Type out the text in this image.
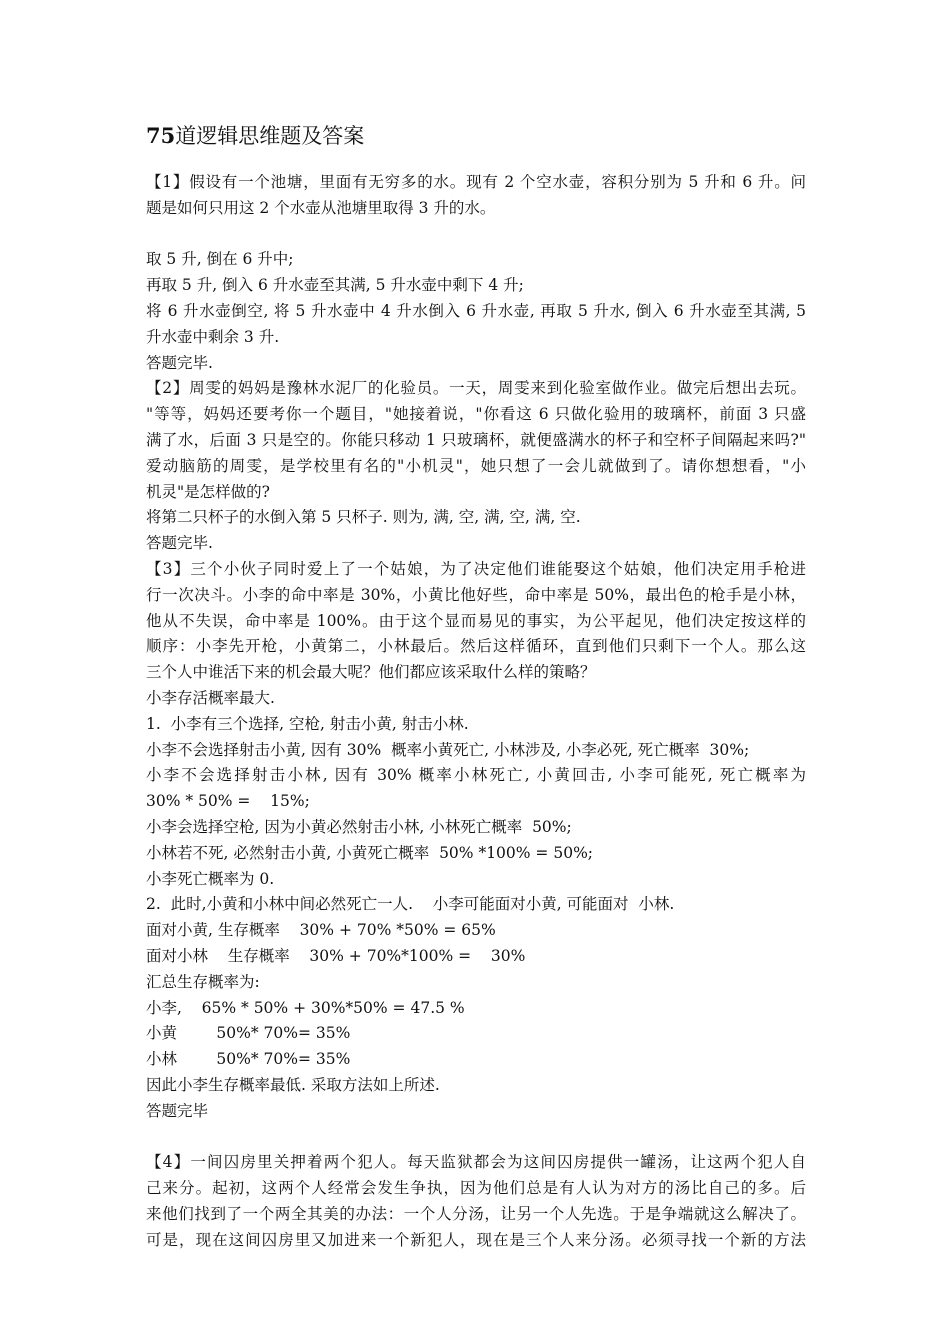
75道逻辑思维题及答案

【1】假设有一个池塘，里面有无穷多的水。现有 2 个空水壶，容积分别为 5 升和 6 升。问

题是如何只用这 2 个水壶从池塘里取得 3 升的水。

取 5 升, 倒在 6 升中;

再取 5 升, 倒入 6 升水壶至其满, 5 升水壶中剩下 4 升;

将 6 升水壶倒空, 将 5 升水壶中 4 升水倒入 6 升水壶, 再取 5 升水, 倒入 6 升水壶至其满, 5

升水壶中剩余 3 升.

答题完毕.

【2】周雯的妈妈是豫林水泥厂的化验员。一天，周雯来到化验室做作业。做完后想出去玩。

"等等，妈妈还要考你一个题目，"她接着说，"你看这 6 只做化验用的玻璃杯，前面 3 只盛

满了水，后面 3 只是空的。你能只移动 1 只玻璃杯，就便盛满水的杯子和空杯子间隔起来吗?"

爱动脑筋的周雯，是学校里有名的"小机灵"，她只想了一会儿就做到了。请你想想看，"小

机灵"是怎样做的?

将第二只杯子的水倒入第 5 只杯子. 则为, 满, 空, 满, 空, 满, 空.

答题完毕.

【3】三个小伙子同时爱上了一个姑娘，为了决定他们谁能娶这个姑娘，他们决定用手枪进

行一次决斗。小李的命中率是 30%，小黄比他好些，命中率是 50%，最出色的枪手是小林，

他从不失误，命中率是 100%。由于这个显而易见的事实，为公平起见，他们决定按这样的

顺序：小李先开枪，小黄第二，小林最后。然后这样循环，直到他们只剩下一个人。那么这

三个人中谁活下来的机会最大呢？他们都应该采取什么样的策略？

小李存活概率最大.

1.  小李有三个选择, 空枪, 射击小黄, 射击小林.

小李不会选择射击小黄, 因有 30%  概率小黄死亡, 小林涉及, 小李必死, 死亡概率  30%;

小李不会选择射击小林, 因有 30% 概率小林死亡, 小黄回击, 小李可能死, 死亡概率为

30% * 50% =    15%;

小李会选择空枪, 因为小黄必然射击小林, 小林死亡概率  50%;

小林若不死, 必然射击小黄, 小黄死亡概率  50% *100% = 50%;

小李死亡概率为 0.

2.  此时,小黄和小林中间必然死亡一人.    小李可能面对小黄, 可能面对  小林.

面对小黄, 生存概率    30% + 70% *50% = 65%

面对小林    生存概率    30% + 70%*100% =    30%

汇总生存概率为:

小李,    65% * 50% + 30%*50% = 47.5 %

小黄        50%* 70%= 35%

小林        50%* 70%= 35%

因此小李生存概率最低. 采取方法如上所述.

答题完毕

【4】一间囚房里关押着两个犯人。每天监狱都会为这间囚房提供一罐汤，让这两个犯人自

己来分。起初，这两个人经常会发生争执，因为他们总是有人认为对方的汤比自己的多。后

来他们找到了一个两全其美的办法：一个人分汤，让另一个人先选。于是争端就这么解决了。

可是，现在这间囚房里又加进来一个新犯人，现在是三个人来分汤。必须寻找一个新的方法
